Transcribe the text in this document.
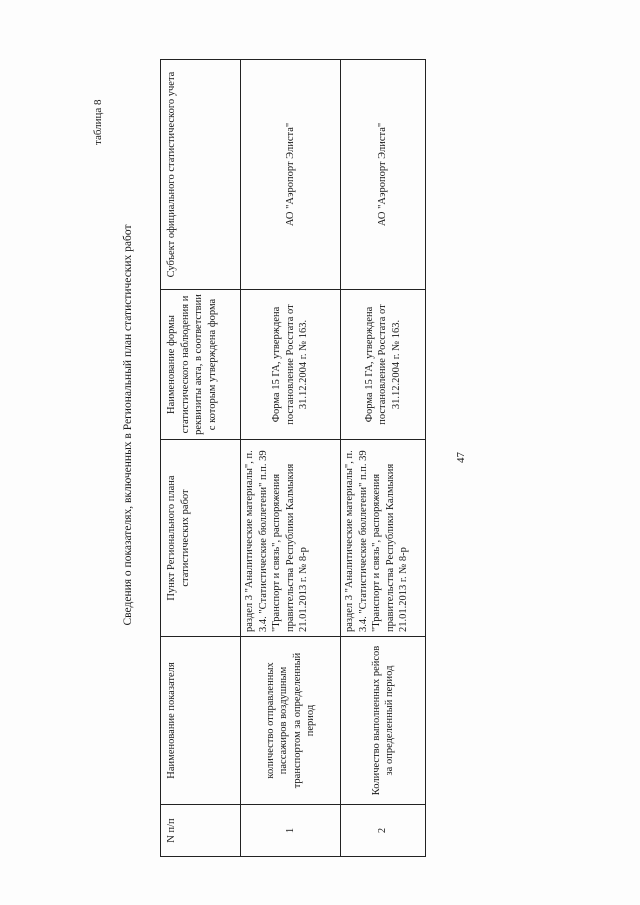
таблица 8
Сведения о показателях, включенных в Региональный план статистических работ
N п/п	Наименование показателя	Пункт Регионального плана статистических работ	Наименование формы статистического наблюдения и реквизиты акта, в соответствии с которым утверждена форма	Субъект официального статистического учета
1	количество отправленных пассажиров воздушным транспортом за определенный период	раздел 3 "Аналитические материалы", п. 3.4. "Статистические бюллетени" п.п. 39 "Транспорт и связь", распоряжения правительства Республики Калмыкия 21.01.2013 г. № 8-р	Форма 15 ГА, утверждена постановление Росстата от 31.12.2004 г. № 163.	АО "Аэропорт Элиста"
2	Количество выполненных рейсов за определенный период	раздел 3 "Аналитические материалы", п. 3.4. "Статистические бюллетени" п.п. 39 "Транспорт и связь", распоряжения правительства Республики Калмыкия 21.01.2013 г. № 8-р	Форма 15 ГА, утверждена постановление Росстата от 31.12.2004 г. № 163.	АО "Аэропорт Элиста"
47
